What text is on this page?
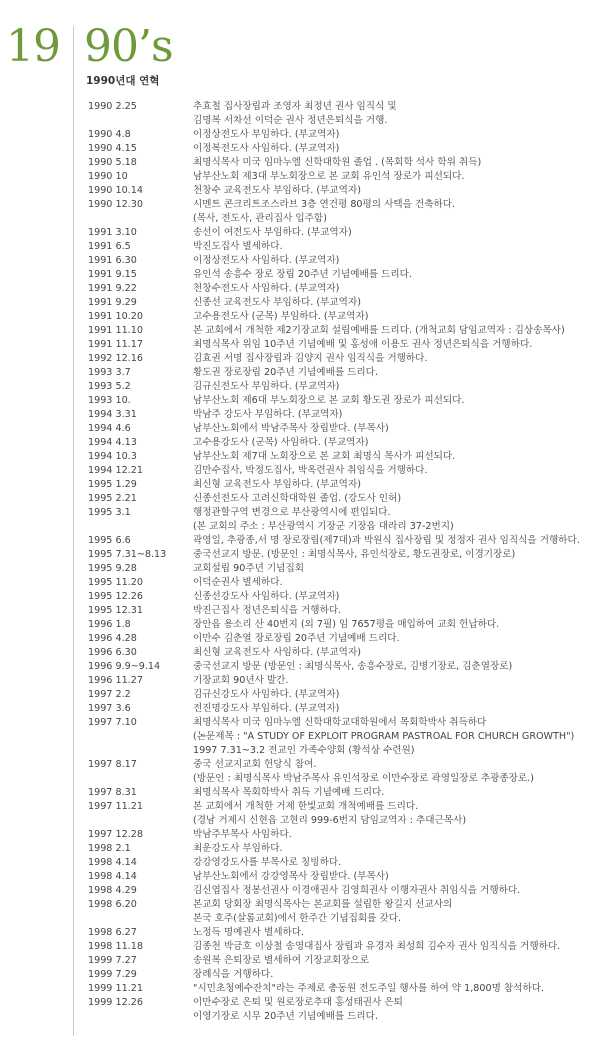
19 90’s
1990년대 연혁
1990 2.25	추효철 집사장립과 조영자 최정년 권사 임직식 및
김명복 서차선 이덕순 권사 정년은퇴식을 거행.
1990 4.8	이정상전도사 부임하다. (부교역자)
1990 4.15	이정복전도사 사임하다. (부교역자)
1990 5.18	최명식목사 미국 임마누엘 신학대학원 졸업 . (목회학 석사 학위 취득)
1990 10	남부산노회 제3대 부노회장으로 본 교회 유인석 장로가 피선되다.
1990 10.14	천창수 교육전도사 부임하다. (부교역자)
1990 12.30	시멘트 콘크리트조스라브 3층 연건평 80평의 사택을 건축하다.
(목사, 전도사, 관리집사 입주함)
1991 3.10	송선이 여전도사 부임하다. (부교역자)
1991 6.5	박진도집사 별세하다.
1991 6.30	이정상전도사 사임하다. (부교역자)
1991 9.15	유인석 송흥수 장로 장립 20주년 기념예배를 드리다.
1991 9.22	천창수전도사 사임하다. (부교역자)
1991 9.29	신종선 교육전도사 부임하다. (부교역자)
1991 10.20	고수용전도사 (군목) 부임하다. (부교역자)
1991 11.10	본 교회에서 개척한 제2기장교회 설립예배를 드리다. (개척교회 담임교역자 : 김상송목사)
1991 11.17	최명식목사 위임 10주년 기념예배 및 홍성애 이용도 권사 정년은퇴식을 거행하다.
1992 12.16	김효권 서명 집사장립과 김양지 권사 임직식을 거행하다.
1993 3.7	황도권 장로장립 20주년 기념예배를 드리다.
1993 5.2	김규신전도사 부임하다. (부교역자)
1993 10.	남부산노회 제6대 부노회장으로 본 교회 황도권 장로가 피선되다.
1994 3.31	박남주 강도사 부임하다. (부교역자)
1994 4.6	남부산노회에서 박남주목사 장립받다. (부목사)
1994 4.13	고수용강도사 (군목) 사임하다. (부교역자)
1994 10.3	남부산노회 제7대 노회장으로 본 교회 최명식 목사가 피선되다.
1994 12.21	김만수집사, 박정도집사, 박옥련권사 취임식을 거행하다.
1995 1.29	최신형 교육전도사 부임하다. (부교역자)
1995 2.21	신종선전도사 고려신학대학원 졸업. (강도사 인허)
1995 3.1	행정관할구역 변경으로 부산광역시에 편입되다.
(본 교회의 주소 : 부산광역시 기장군 기장읍 대라리 37-2번지)
1995 6.6	곽영일, 추광종,서 명 장로장립(제7대)과 박원식 집사장립 및 정정자 권사 임직식을 거행하다.
1995 7.31~8.13	중국선교지 방문. (방문인 : 최명식목사, 유인석장로, 황도권장로, 이경기장로)
1995 9.28	교회설립 90주년 기념집회
1995 11.20	이덕순권사 별세하다.
1995 12.26	신종선강도사 사임하다. (부교역자)
1995 12.31	박진근집사 정년은퇴식을 거행하다.
1996 1.8	장안읍 용소리 산 40번지 (외 7필) 임 7657평을 매입하여 교회 헌납하다.
1996 4.28	이만수 김춘열 장로장립 20주년 기념예배 드리다.
1996 6.30	최신형 교육전도사 사임하다. (부교역자)
1996 9.9~9.14	중국선교지 방문 (방문인 : 최명식목사, 송흥수장로, 김병기장로, 김춘열장로)
1996 11.27	기장교회 90년사 발간.
1997 2.2	김규신강도사 사임하다. (부교역자)
1997 3.6	전진명강도사 부임하다. (부교역자)
1997 7.10	최명식목사 미국 임마누엘 신학대학교대학원에서 목회학박사 취득하다
(논문제목 : "A STUDY OF EXPLOIT PROGRAM PASTROAL FOR CHURCH GROWTH")
1997 7.31~3.2 전교인 가족수양회 (황석상 수련원)
1997 8.17	중국 선교지교회 헌당식 참여.
(방문인 : 최명식목사 박남주목사 유인석장로 이만수장로 곽영일장로 추광종장로.)
1997 8.31	최명식목사 목회학박사 취득 기념예배 드리다.
1997 11.21	본 교회에서 개척한 거제 한빛교회 개척예배를 드리다.
(경남 거제시 신현읍 고현리 999-6번지 담임교역자 : 추대근목사)
1997 12.28	박남주부목사 사임하다.
1998 2.1	최운강도사 부임하다.
1998 4.14	강강영강도사를 부목사로 칭빙하다.
1998 4.14	남부산노회에서 강강영목사 장립받다. (부목사)
1998 4.29	김신엽집사 정봉선권사 이경애권사 김영희권사 이행자권사 취임식을 거행하다.
1998 6.20	본교회 당회장 최명식목사는 본교회를 설립한 왕길지 선교사의
본국 호주(살롬교회)에서 한주간 기념집회를 갖다.
1998 6.27	노정득 명예권사 별세하다.
1998 11.18	김종천 박금호 이상철 송영대집사 장립과 유경자 최성희 김수자 권사 임직식을 거행하다.
1999 7.27	송원복 은퇴장로 별세하여 기장교회장으로
1999 7.29	장례식을 거행하다.
1999 11.21	"시민초청예수잔치"라는 주제로 총동원 전도주일 행사를 하여 약 1,800명 참석하다.
1999 12.26	이만수장로 은퇴 및 원로장로추대 홍성태권사 은퇴
이영기장로 시무 20주년 기념예배를 드리다.
